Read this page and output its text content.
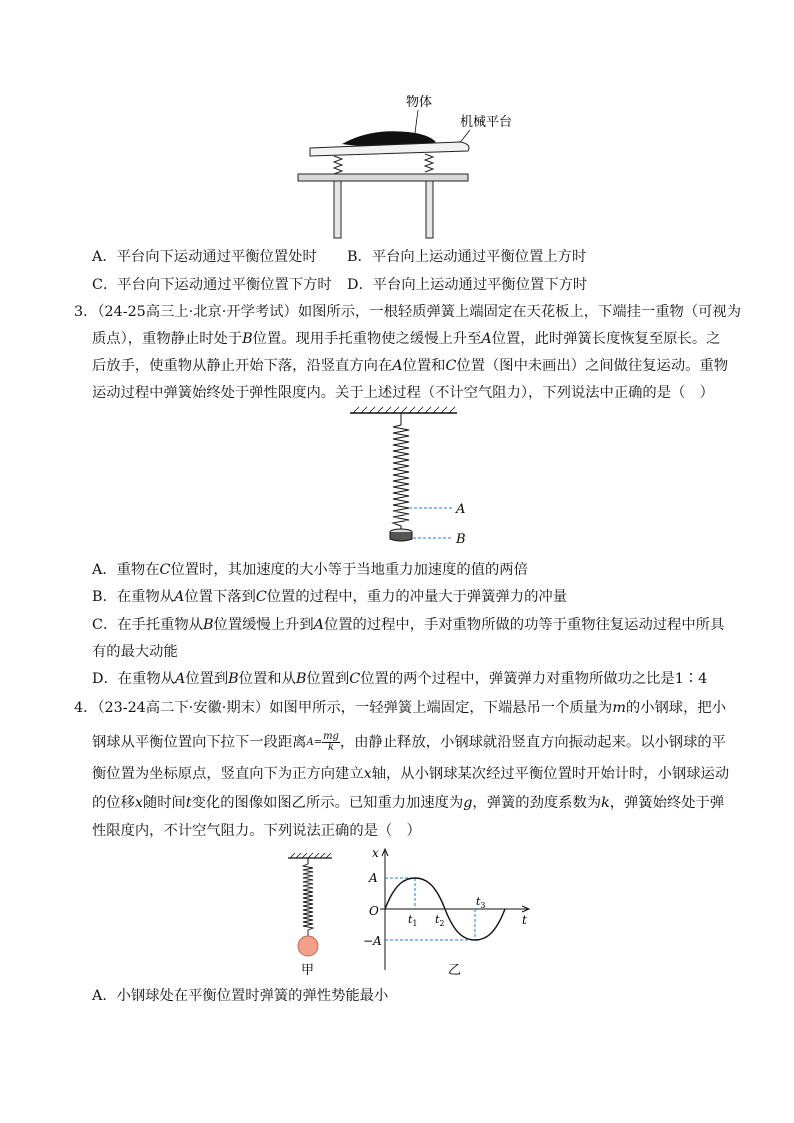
物体
机械平台
A．平台向下运动通过平衡位置处时 B．平台向上运动通过平衡位置上方时
C．平台向下运动通过平衡位置下方时 D．平台向上运动通过平衡位置下方时
3．（24-25高三上·北京·开学考试）如图所示，一根轻质弹簧上端固定在天花板上，下端挂一重物（可视为
质点），重物静止时处于B位置。现用手托重物使之缓慢上升至A位置，此时弹簧长度恢复至原长。之
后放手，使重物从静止开始下落，沿竖直方向在A位置和C位置（图中未画出）之间做往复运动。重物
运动过程中弹簧始终处于弹性限度内。关于上述过程（不计空气阻力），下列说法中正确的是（　）
A
B
A．重物在C位置时，其加速度的大小等于当地重力加速度的值的两倍
B．在重物从A位置下落到C位置的过程中，重力的冲量大于弹簧弹力的冲量
C．在手托重物从B位置缓慢上升到A位置的过程中，手对重物所做的功等于重物往复运动过程中所具
有的最大动能
D．在重物从A位置到B位置和从B位置到C位置的两个过程中，弹簧弹力对重物所做功之比是1∶4
4．（23-24高二下·安徽·期末）如图甲所示，一轻弹簧上端固定，下端悬吊一个质量为m的小钢球，把小
钢球从平衡位置向下拉下一段距离$A= \frac{mg}{k}$ ，由静止释放，小钢球就沿竖直方向振动起来。以小钢球的平
衡位置为坐标原点，竖直向下为正方向建立x轴，从小钢球某次经过平衡位置时开始计时，小钢球运动
的位移x随时间t变化的图像如图乙所示。已知重力加速度为g，弹簧的劲度系数为k，弹簧始终处于弹
性限度内，不计空气阻力。下列说法正确的是（　）
甲
x
t
A
O
−A
$t_1$ $t_2$
$t_3$
乙
A．小钢球处在平衡位置时弹簧的弹性势能最小
